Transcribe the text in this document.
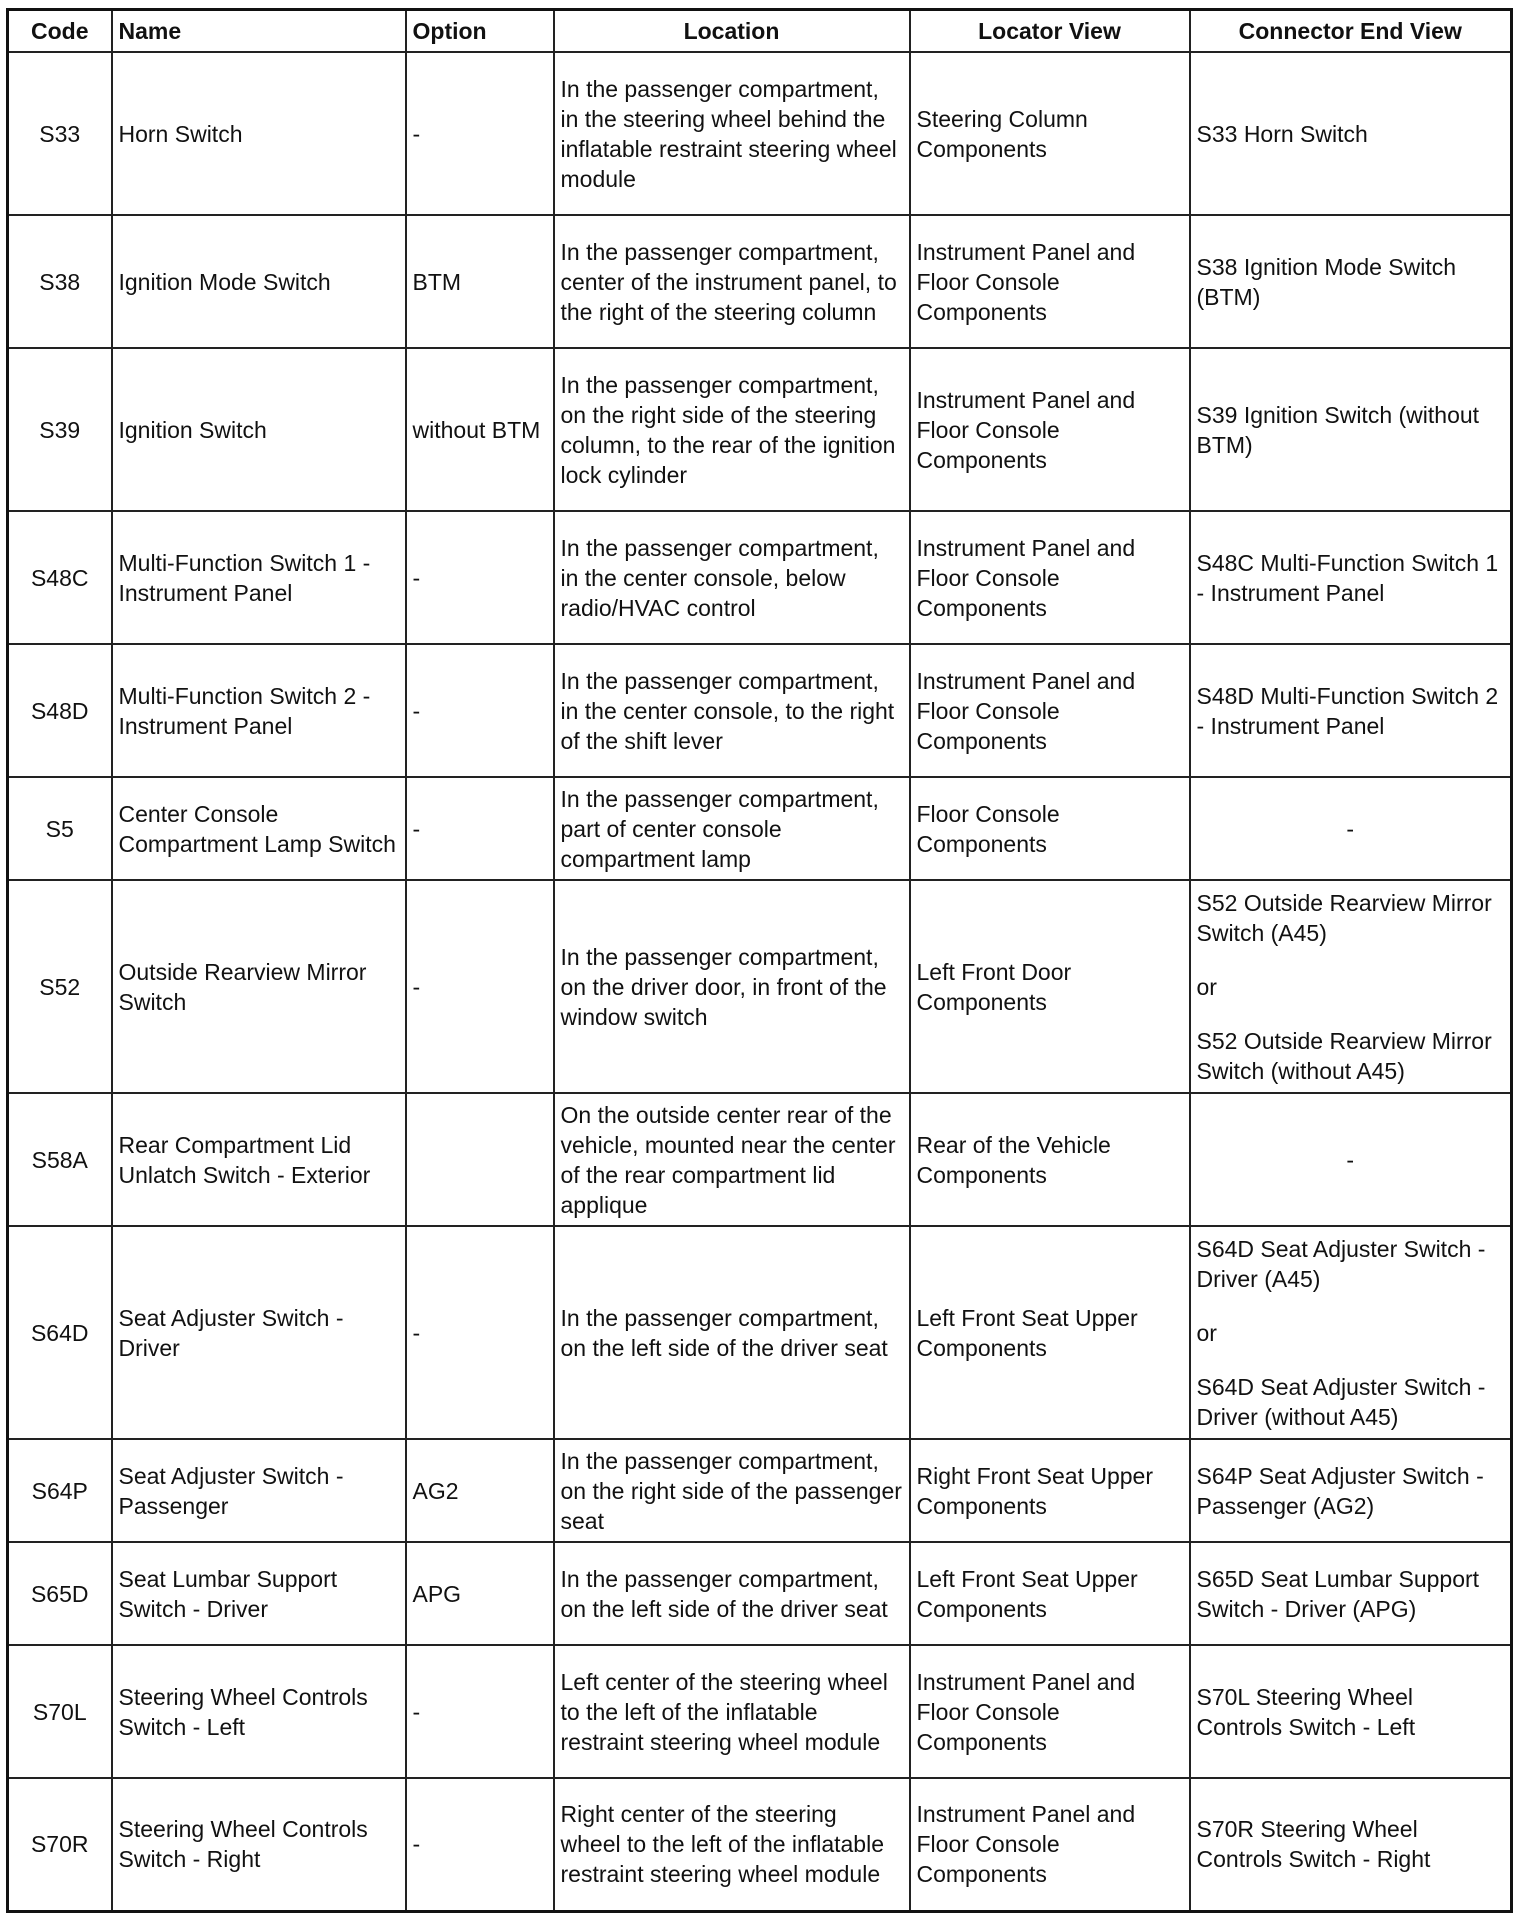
Code	Name	Option	Location	Locator View	Connector End View
S33	Horn Switch	-	In the passenger compartment, in the steering wheel behind the inflatable restraint steering wheel module	Steering Column Components	S33 Horn Switch
S38	Ignition Mode Switch	BTM	In the passenger compartment, center of the instrument panel, to the right of the steering column	Instrument Panel and Floor Console Components	S38 Ignition Mode Switch (BTM)
S39	Ignition Switch	without BTM	In the passenger compartment, on the right side of the steering column, to the rear of the ignition lock cylinder	Instrument Panel and Floor Console Components	S39 Ignition Switch (without BTM)
S48C	Multi-Function Switch 1 - Instrument Panel	-	In the passenger compartment, in the center console, below radio/HVAC control	Instrument Panel and Floor Console Components	S48C Multi-Function Switch 1 - Instrument Panel
S48D	Multi-Function Switch 2 - Instrument Panel	-	In the passenger compartment, in the center console, to the right of the shift lever	Instrument Panel and Floor Console Components	S48D Multi-Function Switch 2 - Instrument Panel
S5	Center Console Compartment Lamp Switch	-	In the passenger compartment, part of center console compartment lamp	Floor Console Components	-
S52	Outside Rearview Mirror Switch	-	In the passenger compartment, on the driver door, in front of the window switch	Left Front Door Components	S52 Outside Rearview Mirror Switch (A45)
or
S52 Outside Rearview Mirror Switch (without A45)

S58A	Rear Compartment Lid Unlatch Switch - Exterior		On the outside center rear of the vehicle, mounted near the center of the rear compartment lid applique	Rear of the Vehicle Components	-
S64D	Seat Adjuster Switch - Driver	-	In the passenger compartment, on the left side of the driver seat	Left Front Seat Upper Components	S64D Seat Adjuster Switch - Driver (A45)
or
S64D Seat Adjuster Switch - Driver (without A45)

S64P	Seat Adjuster Switch - Passenger	AG2	In the passenger compartment, on the right side of the passenger seat	Right Front Seat Upper Components	S64P Seat Adjuster Switch - Passenger (AG2)
S65D	Seat Lumbar Support Switch - Driver	APG	In the passenger compartment, on the left side of the driver seat	Left Front Seat Upper Components	S65D Seat Lumbar Support Switch - Driver (APG)
S70L	Steering Wheel Controls Switch - Left	-	Left center of the steering wheel to the left of the inflatable restraint steering wheel module	Instrument Panel and Floor Console Components	S70L Steering Wheel Controls Switch - Left
S70R	Steering Wheel Controls Switch - Right	-	Right center of the steering wheel to the left of the inflatable restraint steering wheel module	Instrument Panel and Floor Console Components	S70R Steering Wheel Controls Switch - Right
